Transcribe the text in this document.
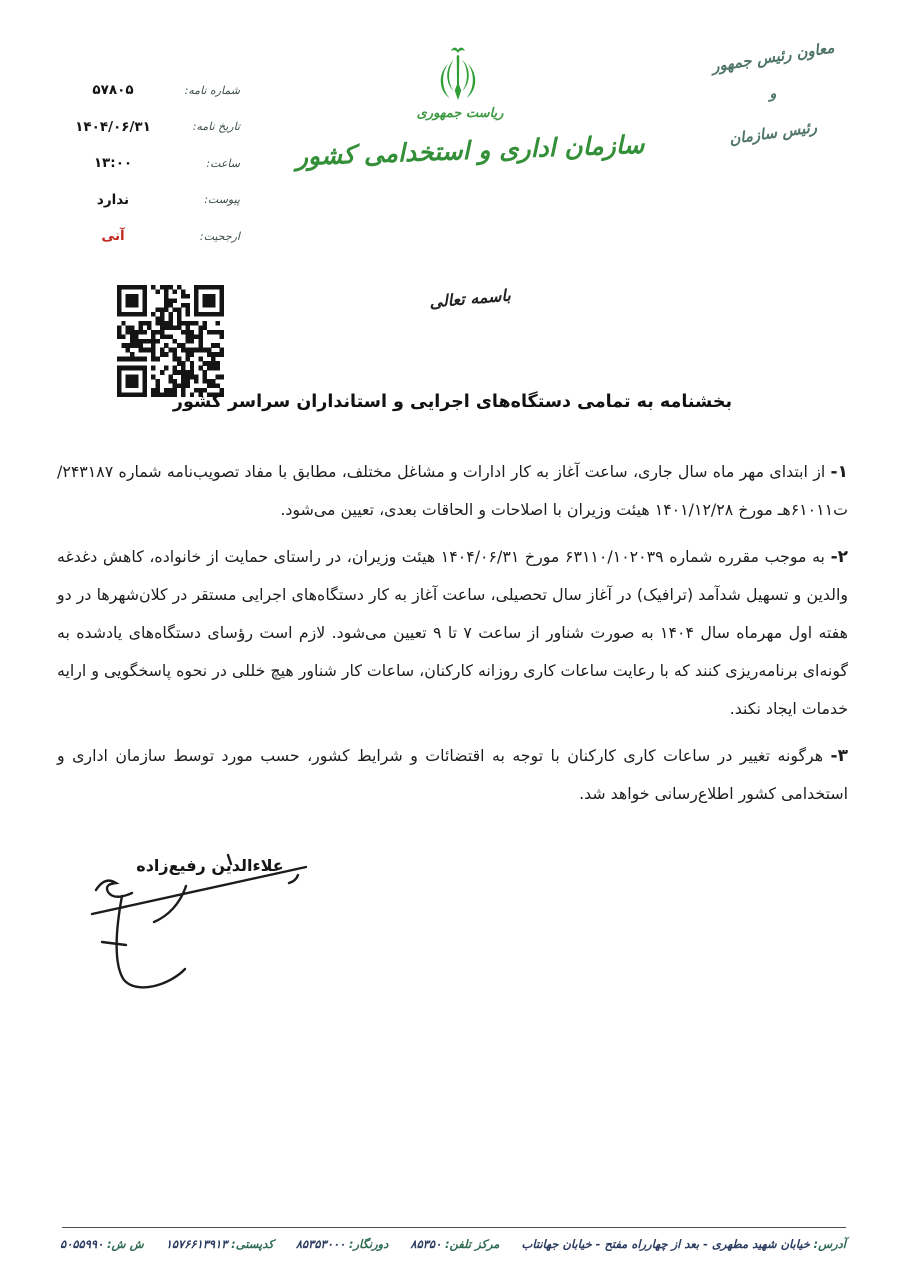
شماره نامه:
۵۷۸۰۵
تاریخ نامه:
۱۴۰۴/۰۶/۳۱
ساعت:
۱۳:۰۰
پیوست:
ندارد
ارجحیت:
آنی
ریاست جمهوری
سازمان اداری و استخدامی کشور
معاون رئیس جمهور
و
رئیس سازمان
باسمه تعالی
بخشنامه به تمامی دستگاه‌های اجرایی و استانداران سراسر کشور

۱- از ابتدای مهر ماه سال جاری، ساعت آغاز به کار ادارات و مشاغل مختلف، مطابق با مفاد تصویب‌نامه شماره ۲۴۳۱۸۷/ت۶۱۰۱۱هـ مورخ ۱۴۰۱/۱۲/۲۸ هیئت وزیران با اصلاحات و الحاقات بعدی، تعیین می‌شود.

۲- به موجب مقرره شماره ۶۳۱۱۰/۱۰۲۰۳۹ مورخ ۱۴۰۴/۰۶/۳۱ هیئت وزیران، در راستای حمایت از خانواده، کاهش دغدغه والدین و تسهیل شدآمد (ترافیک) در آغاز سال تحصیلی، ساعت آغاز به کار دستگاه‌های اجرایی مستقر در کلان‌شهرها در دو هفته اول مهرماه سال ۱۴۰۴ به صورت شناور از ساعت ۷ تا ۹ تعیین می‌شود. لازم است رؤسای دستگاه‌های یادشده به گونه‌ای برنامه‌ریزی کنند که با رعایت ساعات کاری روزانه کارکنان، ساعات کار شناور هیچ خللی در نحوه پاسخگویی و ارایه خدمات ایجاد نکند.

۳- هرگونه تغییر در ساعات کاری کارکنان با توجه به اقتضائات و شرایط کشور، حسب مورد توسط سازمان اداری و استخدامی کشور اطلاع‌رسانی خواهد شد.

علاءالدین رفیع‌زاده
آدرس: خیابان شهید مطهری - بعد از چهارراه مفتح - خیابان جهانتاب
مرکز تلفن: ۸۵۳۵۰
دورنگار: ۸۵۳۵۳۰۰۰
کدپستی: ۱۵۷۶۶۱۳۹۱۳
ش ش: ۵۰۵۵۹۹۰
